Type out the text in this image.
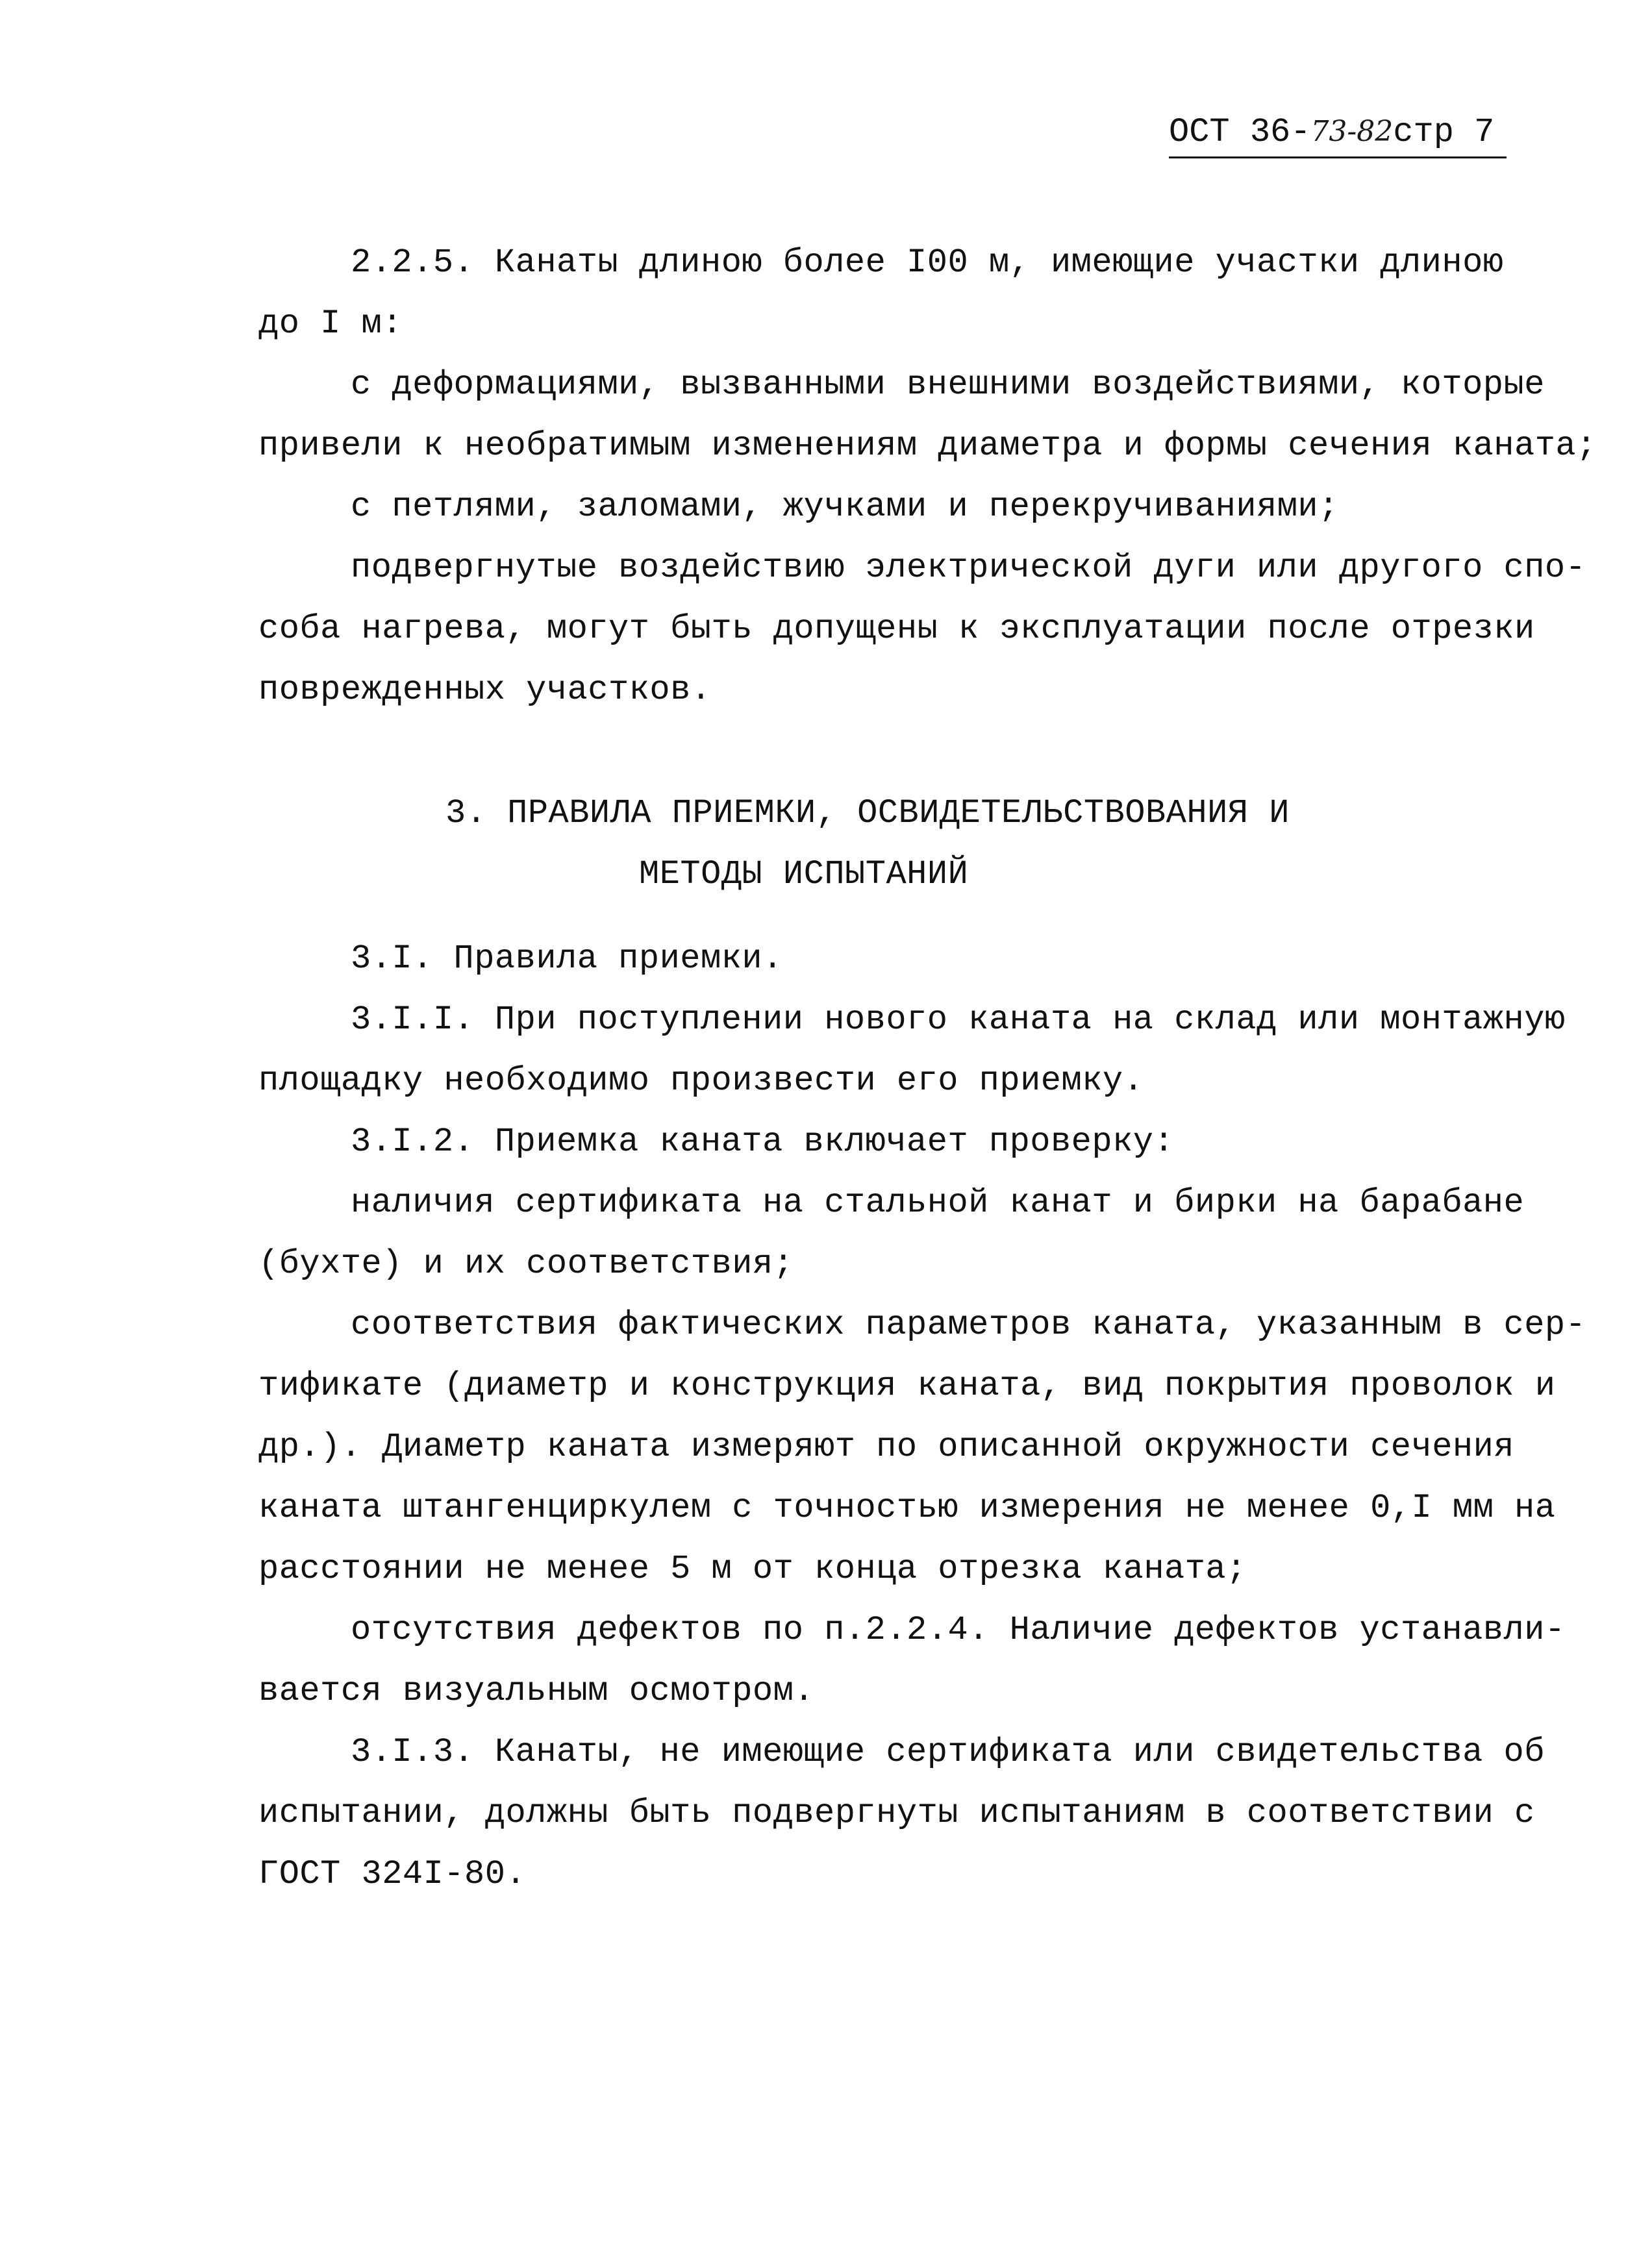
ОСТ 36-73-82стр 7
2.2.5. Канаты длиною более I00 м, имеющие участки длиною
до I м:
с деформациями, вызванными внешними воздействиями, которые
привели к необратимым изменениям диаметра и формы сечения каната;
с петлями, заломами, жучками и перекручиваниями;
подвергнутые воздействию электрической дуги или другого спо-
соба нагрева, могут быть допущены к эксплуатации после отрезки
поврежденных участков.
3. ПРАВИЛА ПРИЕМКИ, ОСВИДЕТЕЛЬСТВОВАНИЯ И
МЕТОДЫ ИСПЫТАНИЙ
3.I. Правила приемки.
3.I.I. При поступлении нового каната на склад или монтажную
площадку необходимо произвести его приемку.
3.I.2. Приемка каната включает проверку:
наличия сертификата на стальной канат и бирки на барабане
(бухте) и их соответствия;
соответствия фактических параметров каната, указанным в сер-
тификате (диаметр и конструкция каната, вид покрытия проволок и
др.). Диаметр каната измеряют по описанной окружности сечения
каната штангенциркулем с точностью измерения не менее 0,I мм на
расстоянии не менее 5 м от конца отрезка каната;
отсутствия дефектов по п.2.2.4. Наличие дефектов устанавли-
вается визуальным осмотром.
3.I.3. Канаты, не имеющие сертификата или свидетельства об
испытании, должны быть подвергнуты испытаниям в соответствии с
ГОСТ 324I-80.
